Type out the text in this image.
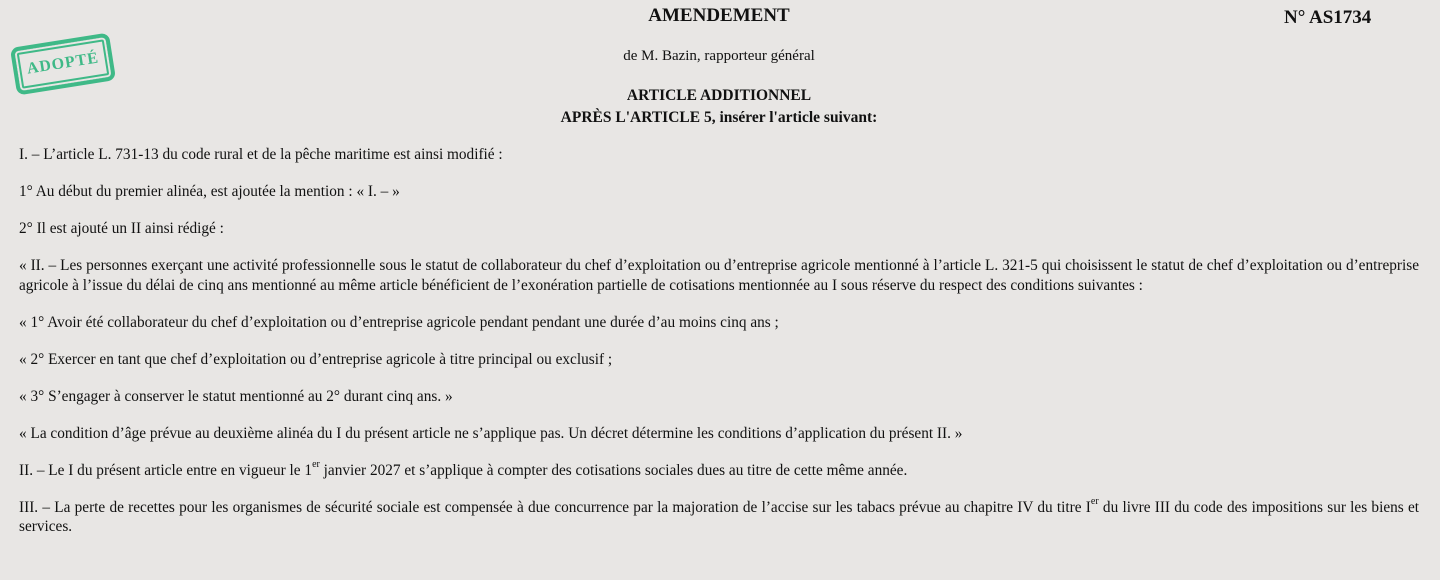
AMENDEMENT	N° AS1734
ADOPTÉ	de M. Bazin, rapporteur général
ARTICLE ADDITIONNEL
APRÈS L'ARTICLE 5, insérer l'article suivant:

I. – L’article L. 731-13 du code rural et de la pêche maritime est ainsi modifié :

1° Au début du premier alinéa, est ajoutée la mention : « I. – »

2° Il est ajouté un II ainsi rédigé :

« II. – Les personnes exerçant une activité professionnelle sous le statut de collaborateur du chef d’exploitation ou d’entreprise agricole mentionné à l’article L. 321-5 qui choisissent le statut de chef d’exploitation ou d’entreprise agricole à l’issue du délai de cinq ans mentionné au même article bénéficient de l’exonération partielle de cotisations mentionnée au I sous réserve du respect des conditions suivantes :

« 1° Avoir été collaborateur du chef d’exploitation ou d’entreprise agricole pendant pendant une durée d’au moins cinq ans ;

« 2° Exercer en tant que chef d’exploitation ou d’entreprise agricole à titre principal ou exclusif ;

« 3° S’engager à conserver le statut mentionné au 2° durant cinq ans. »

« La condition d’âge prévue au deuxième alinéa du I du présent article ne s’applique pas. Un décret détermine les conditions d’application du présent II. »

II. – Le I du présent article entre en vigueur le 1er janvier 2027 et s’applique à compter des cotisations sociales dues au titre de cette même année.

III. – La perte de recettes pour les organismes de sécurité sociale est compensée à due concurrence par la majoration de l’accise sur les tabacs prévue au chapitre IV du titre Ier du livre III du code des impositions sur les biens et services.
